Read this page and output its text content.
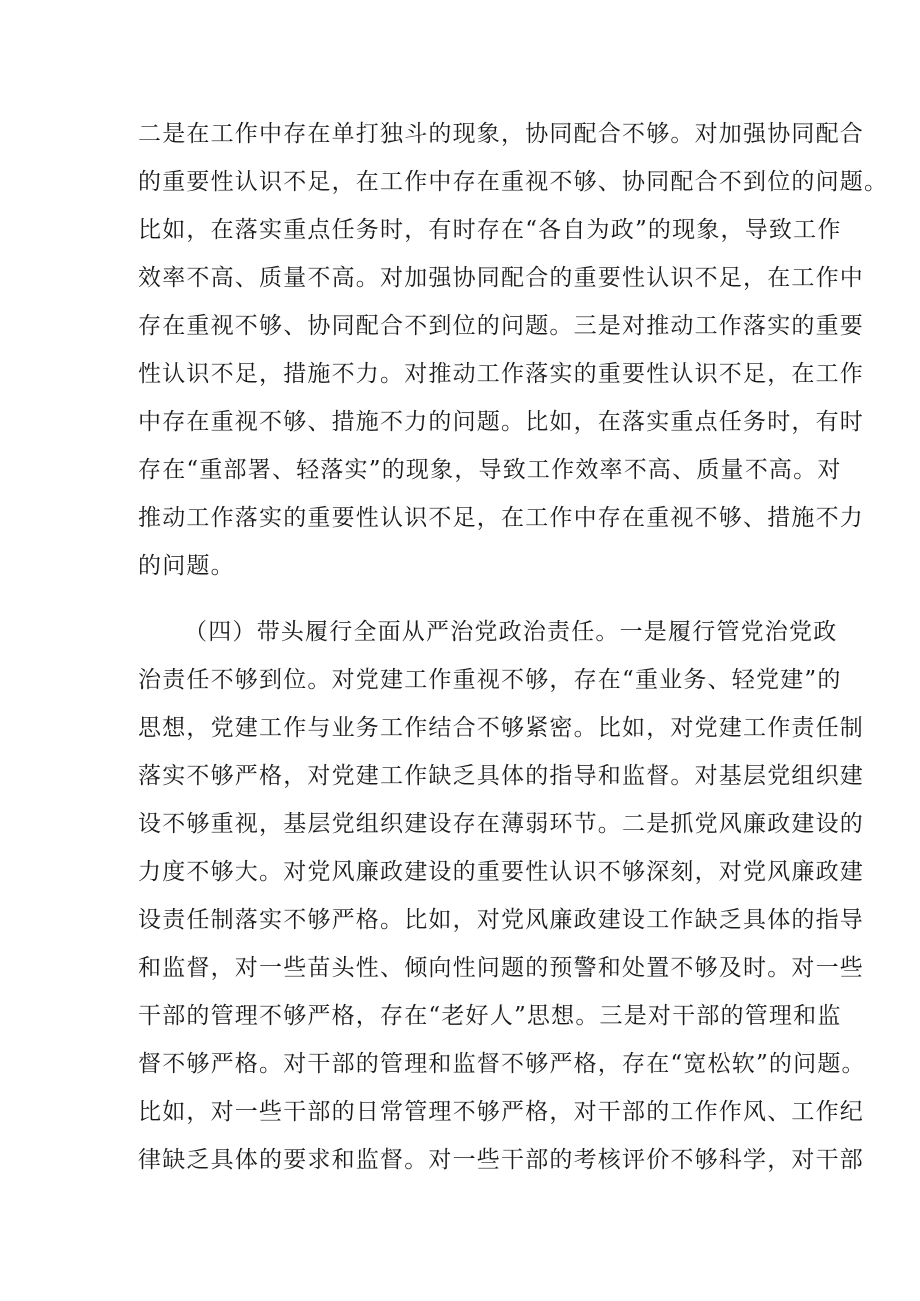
二是在工作中存在单打独斗的现象，协同配合不够。对加强协同配合
的重要性认识不足，在工作中存在重视不够、协同配合不到位的问题。
比如，在落实重点任务时，有时存在“各自为政”的现象，导致工作
效率不高、质量不高。对加强协同配合的重要性认识不足，在工作中
存在重视不够、协同配合不到位的问题。三是对推动工作落实的重要
性认识不足，措施不力。对推动工作落实的重要性认识不足，在工作
中存在重视不够、措施不力的问题。比如，在落实重点任务时，有时
存在“重部署、轻落实”的现象，导致工作效率不高、质量不高。对
推动工作落实的重要性认识不足，在工作中存在重视不够、措施不力
的问题。
（四）带头履行全面从严治党政治责任。一是履行管党治党政
治责任不够到位。对党建工作重视不够，存在“重业务、轻党建”的
思想，党建工作与业务工作结合不够紧密。比如，对党建工作责任制
落实不够严格，对党建工作缺乏具体的指导和监督。对基层党组织建
设不够重视，基层党组织建设存在薄弱环节。二是抓党风廉政建设的
力度不够大。对党风廉政建设的重要性认识不够深刻，对党风廉政建
设责任制落实不够严格。比如，对党风廉政建设工作缺乏具体的指导
和监督，对一些苗头性、倾向性问题的预警和处置不够及时。对一些
干部的管理不够严格，存在“老好人”思想。三是对干部的管理和监
督不够严格。对干部的管理和监督不够严格，存在“宽松软”的问题。
比如，对一些干部的日常管理不够严格，对干部的工作作风、工作纪
律缺乏具体的要求和监督。对一些干部的考核评价不够科学，对干部
